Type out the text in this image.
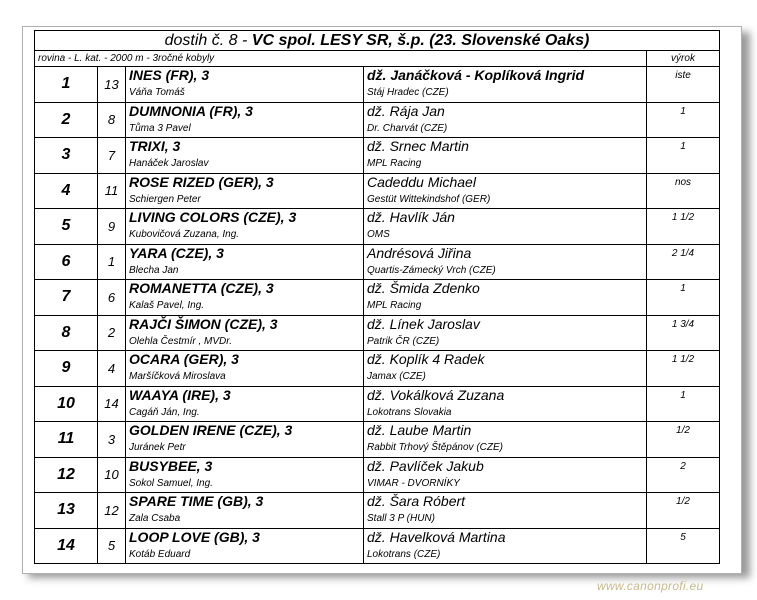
dostih č. 8 - VC spol. LESY SR, š.p. (23. Slovenské Oaks)				
rovina - L. kat. - 2000 m - 3ročné kobyly				výrok
1	13	INES (FR), 3	dž. Janáčková - Koplíková Ingrid	iste
		Váňa Tomáš	Stáj Hradec (CZE)	
2	8	DUMNONIA (FR), 3	dž. Rája Jan	1
		Tůma 3 Pavel	Dr. Charvát (CZE)	
3	7	TRIXI, 3	dž. Srnec Martin	1
		Hanáček Jaroslav	MPL Racing	
4	11	ROSE RIZED (GER), 3	Cadeddu Michael	nos
		Schiergen Peter	Gestüt Wittekindshof (GER)	
5	9	LIVING COLORS (CZE), 3	dž. Havlík Ján	1 1/2
		Kubovičová Zuzana, Ing.	OMS	
6	1	YARA (CZE), 3	Andrésová Jiřina	2 1/4
		Blecha Jan	Quartis-Zámecký Vrch (CZE)	
7	6	ROMANETTA (CZE), 3	dž. Šmida Zdenko	1
		Kalaš Pavel, Ing.	MPL Racing	
8	2	RAJČI ŠIMON (CZE), 3	dž. Línek Jaroslav	1 3/4
		Olehla Čestmír , MVDr.	Patrik ČR (CZE)	
9	4	OCARA (GER), 3	dž. Koplík 4 Radek	1 1/2
		Maršíčková Miroslava	Jamax (CZE)	
10	14	WAAYA (IRE), 3	dž. Vokálková Zuzana	1
		Cagáň Ján, Ing.	Lokotrans Slovakia	
11	3	GOLDEN IRENE (CZE), 3	dž. Laube Martin	1/2
		Juránek Petr	Rabbit Trhový Štěpánov (CZE)	
12	10	BUSYBEE, 3	dž. Pavlíček Jakub	2
		Sokol Samuel, Ing.	VIMAR - DVORNÍKY	
13	12	SPARE TIME (GB), 3	dž. Šara Róbert	1/2
		Zala Csaba	Stall 3 P (HUN)	
14	5	LOOP LOVE (GB), 3	dž. Havelková Martina	5
		Kotáb Eduard	Lokotrans (CZE)	
www.canonprofi.eu
